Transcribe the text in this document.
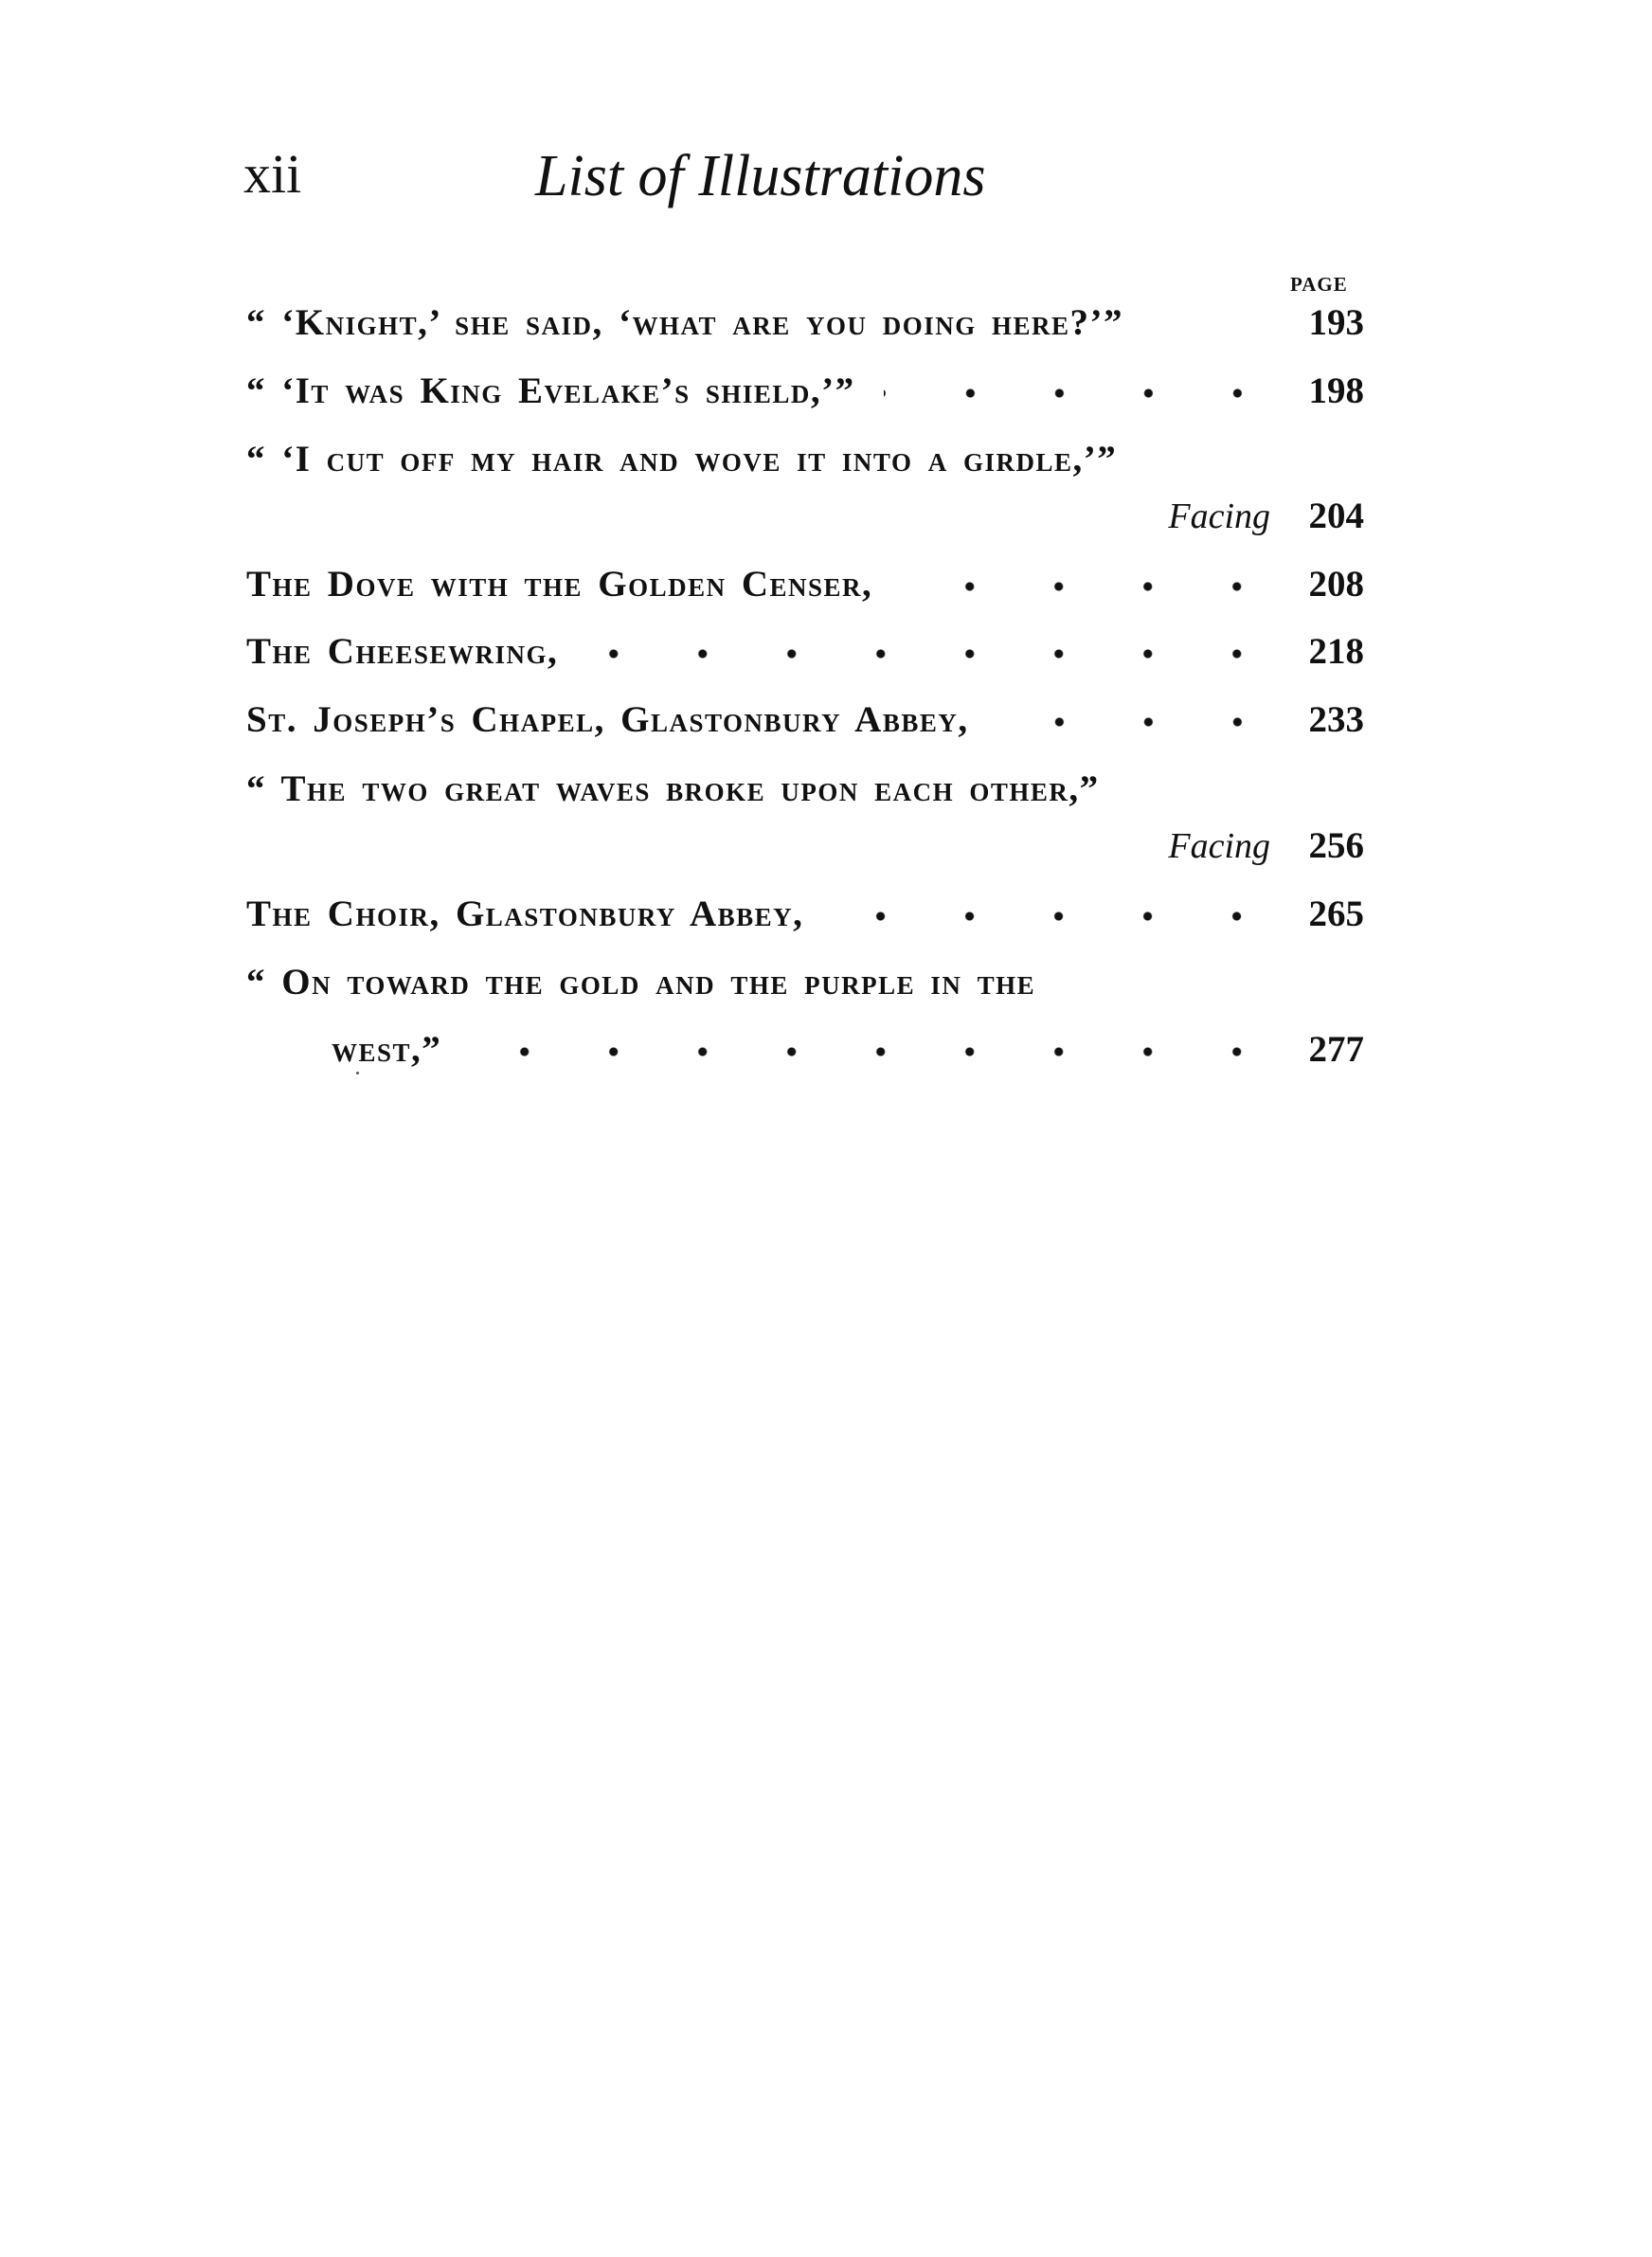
xii	List of Illustrations
PAGE
“ ‘Knight,’ she said, ‘what are you doing here?’”	193
“ ‘It was King Evelake’s shield,’”	198
“ ‘I cut off my hair and wove it into a girdle,’”
Facing	204
The Dove with the Golden Censer,	208
The Cheesewring,	218
St. Joseph’s Chapel, Glastonbury Abbey,	233
“ The two great waves broke upon each other,”
Facing	256
The Choir, Glastonbury Abbey,	265
“ On toward the gold and the purple in the
west,”	277
